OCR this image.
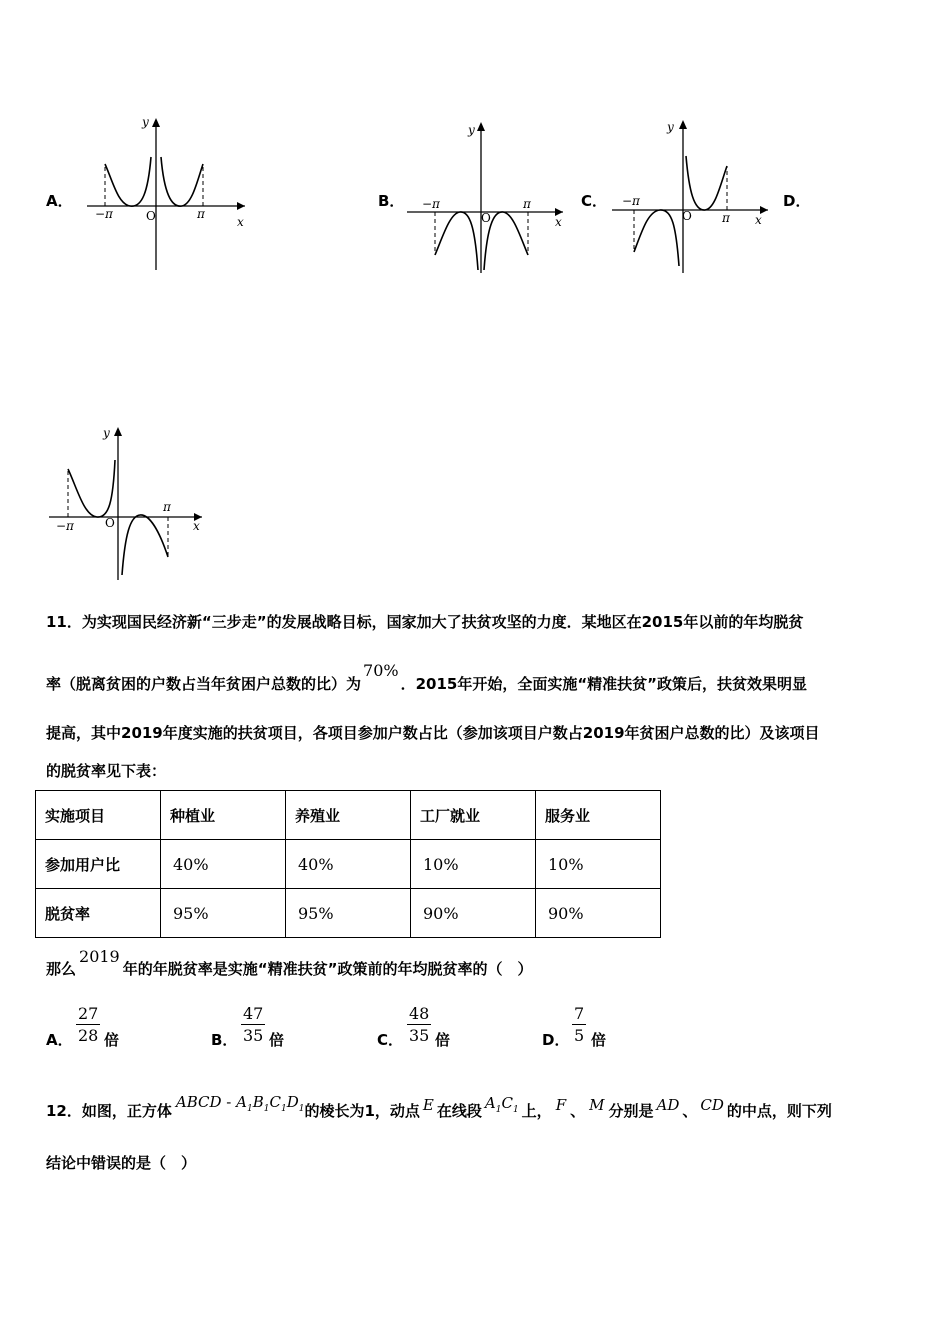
A．	B．	C．	D．
y
x
O
−π	π
y
x
O
−π	π
y
x
O
−π
π
y
x
O
−π
π
11．为实现国民经济新“三步走”的发展战略目标，国家加大了扶贫攻坚的力度．某地区在2015年以前的年均脱贫
率（脱离贫困的户数占当年贫困户总数的比）为70%．2015年开始，全面实施“精准扶贫”政策后，扶贫效果明显
提高，其中2019年度实施的扶贫项目，各项目参加户数占比（参加该项目户数占2019年贫困户总数的比）及该项目
的脱贫率见下表：
实施项目	种植业	养殖业	工厂就业	服务业
参加用户比	40%	40%	10%	10%
脱贫率	95%	95%	90%	90%
那么2019年的年脱贫率是实施“精准扶贫”政策前的年均脱贫率的（　）
A． $\frac{27}{28}$ 倍	B． $\frac{47}{35}$ 倍	C． $\frac{48}{35}$ 倍	D． $\frac{7}{5}$ 倍
12．如图，正方体 ABCD - $A_1B_1C_1D_1$的棱长为1，动点 E 在线段 $A_1C_1$ 上， F 、 M 分别是 AD 、 CD 的中点，则下列
结论中错误的是（　）
